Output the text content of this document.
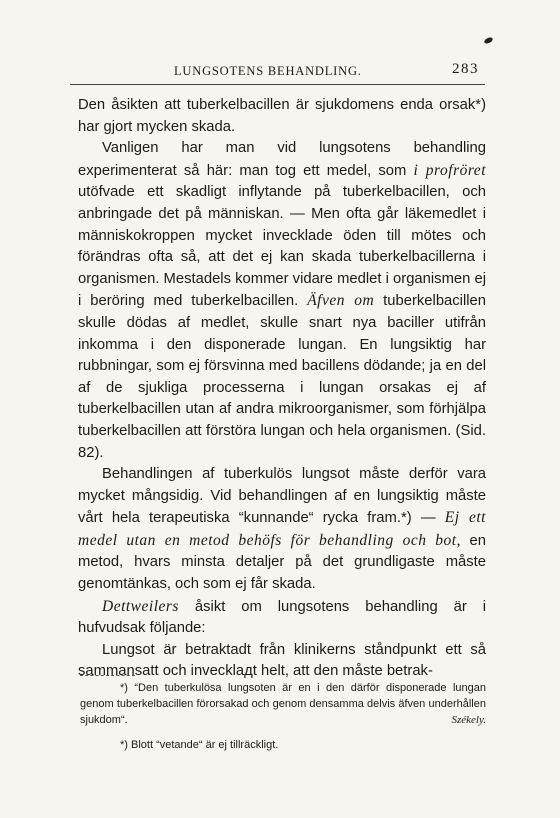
LUNGSOTENS BEHANDLING.	283

Den åsikten att tuberkelbacillen är sjukdomens enda orsak*) har gjort mycken skada.

Vanligen har man vid lungsotens behandling experimenterat så här: man tog ett medel, som i profröret utöfvade ett skadligt inflytande på tuberkelbacillen, och anbringade det på människan. — Men ofta går läkemedlet i människokroppen mycket invecklade öden till mötes och förändras ofta så, att det ej kan skada tuberkelbacillerna i organismen. Mestadels kommer vidare medlet i organismen ej i beröring med tuberkelbacillen. Äfven om tuberkelbacillen skulle dödas af medlet, skulle snart nya baciller utifrån inkomma i den disponerade lungan. En lungsiktig har rubbningar, som ej försvinna med bacillens dödande; ja en del af de sjukliga processerna i lungan orsakas ej af tuberkelbacillen utan af andra mikroorganismer, som förhjälpa tuberkelbacillen att förstöra lungan och hela organismen. (Sid. 82).

Behandlingen af tuberkulös lungsot måste derför vara mycket mångsidig. Vid behandlingen af en lungsiktig måste vårt hela terapeutiska “kunnande“ rycka fram.*) — Ej ett medel utan en metod behöfs för behandling och bot, en metod, hvars minsta detaljer på det grundligaste måste genomtänkas, och som ej får skada.

Dettweilers åsikt om lungsotens behandling är i hufvudsak följande:

Lungsot är betraktadt från klinikerns ståndpunkt ett så sammansatt och invecklадt helt, att den måste betrak-

*) “Den tuberkulösa lungsoten är en i den därför disponerade lungan genom tuberkelbacillen förorsakad och genom densamma delvis äfven underhållen sjukdom“.	Székely.
*) Blott “vetande“ är ej tillräckligt.
